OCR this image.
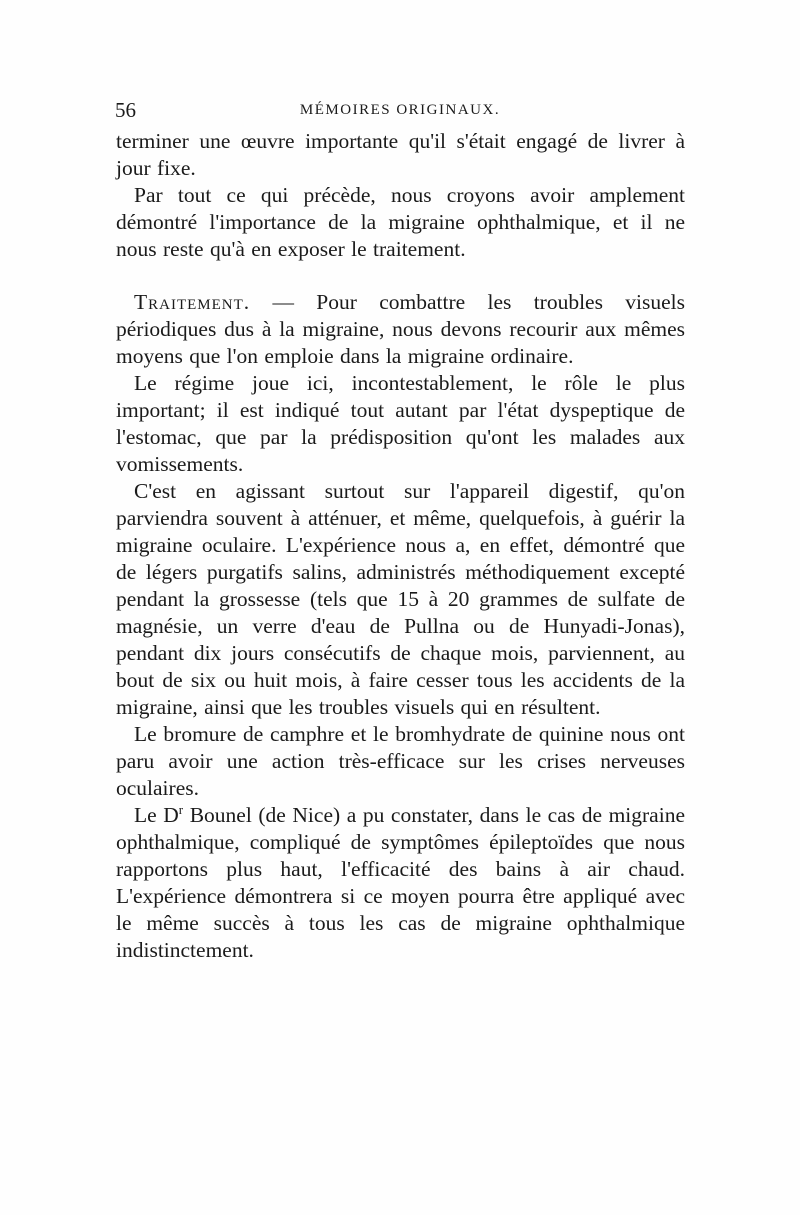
56	MÉMOIRES ORIGINAUX.

terminer une œuvre importante qu'il s'était engagé de livrer à jour fixe.

Par tout ce qui précède, nous croyons avoir amplement démontré l'importance de la migraine ophthalmique, et il ne nous reste qu'à en exposer le traitement.

Traitement. — Pour combattre les troubles visuels périodiques dus à la migraine, nous devons recourir aux mêmes moyens que l'on emploie dans la migraine ordinaire.

Le régime joue ici, incontestablement, le rôle le plus important; il est indiqué tout autant par l'état dyspeptique de l'estomac, que par la prédisposition qu'ont les malades aux vomissements.

C'est en agissant surtout sur l'appareil digestif, qu'on parviendra souvent à atténuer, et même, quelquefois, à guérir la migraine oculaire. L'expérience nous a, en effet, démontré que de légers purgatifs salins, administrés méthodiquement excepté pendant la grossesse (tels que 15 à 20 grammes de sulfate de magnésie, un verre d'eau de Pullna ou de Hunyadi-Jonas), pendant dix jours consécutifs de chaque mois, parviennent, au bout de six ou huit mois, à faire cesser tous les accidents de la migraine, ainsi que les troubles visuels qui en résultent.

Le bromure de camphre et le bromhydrate de quinine nous ont paru avoir une action très-efficace sur les crises nerveuses oculaires.

Le $D^r$ Bounel (de Nice) a pu constater, dans le cas de migraine ophthalmique, compliqué de symptômes épileptoïdes que nous rapportons plus haut, l'efficacité des bains à air chaud. L'expérience démontrera si ce moyen pourra être appliqué avec le même succès à tous les cas de migraine ophthalmique indistinctement.
